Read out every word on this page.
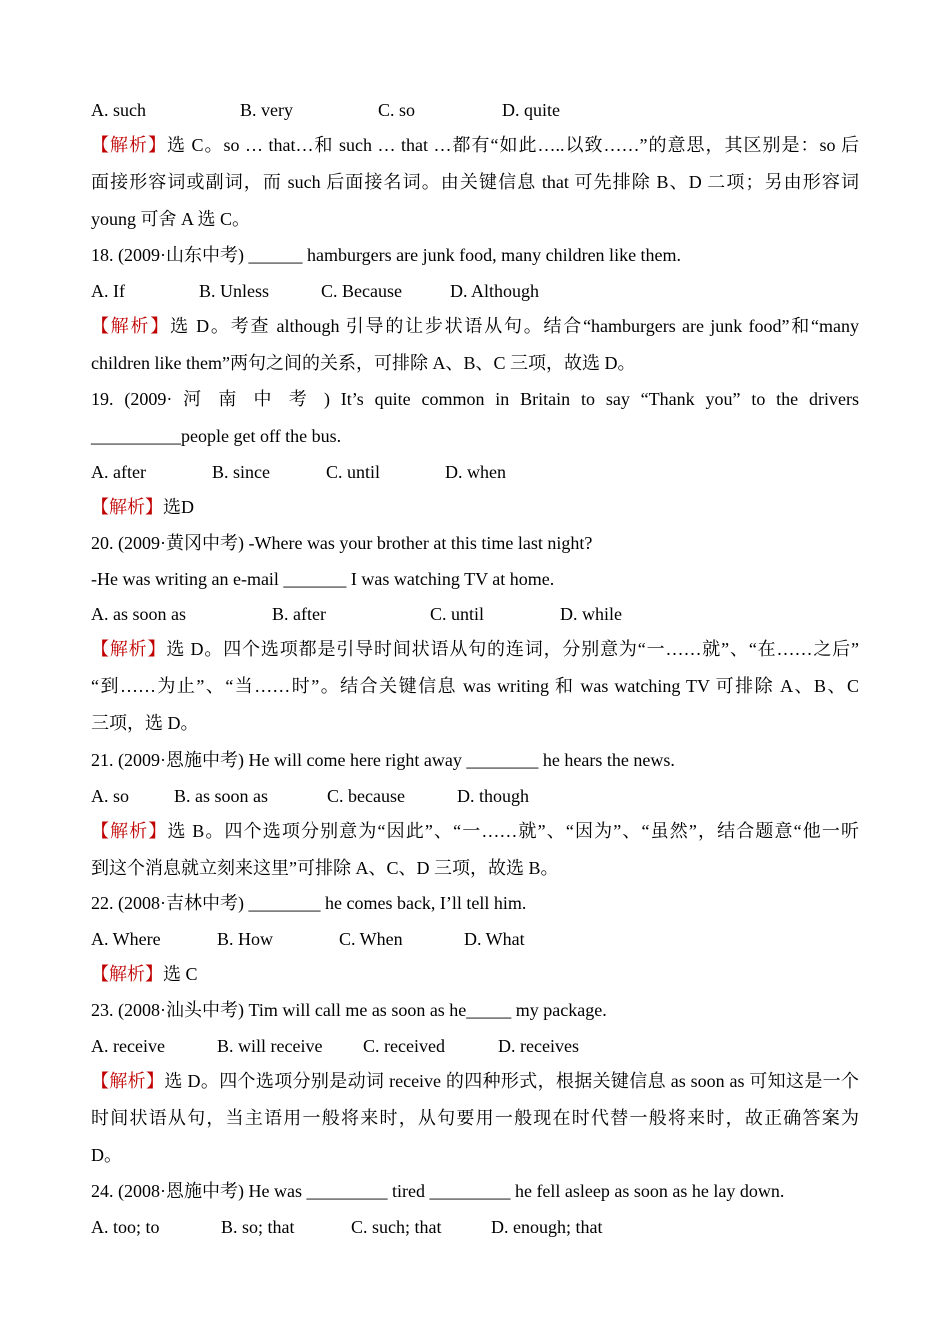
A. such	B. very	C. so	D. quite
【解析】选 C。so … that…和 such … that …都有“如此…..以致……”的意思，其区别是：so 后
面接形容词或副词，而 such 后面接名词。由关键信息 that 可先排除 B、D 二项；另由形容词
young 可舍 A 选 C。
18. (2009·山东中考) ______ hamburgers are junk food, many children like them.
A. If	B. Unless	C. Because	D. Although
【解析】选 D。考查 although 引导的让步状语从句。结合“hamburgers are junk food”和“many
children like them”两句之间的关系，可排除 A、B、C 三项，故选 D。
19. (2009· 河 南 中 考 ) It’s quite common in Britain to say “Thank you” to the drivers
__________people get off the bus.
A. after	B. since	C. until	D. when
【解析】选D
20. (2009·黄冈中考) -Where was your brother at this time last night?
-He was writing an e-mail _______ I was watching TV at home.
A. as soon as	B. after	C. until	D. while
【解析】选 D。四个选项都是引导时间状语从句的连词，分别意为“一……就”、“在……之后”
“到……为止”、“当……时”。结合关键信息 was writing 和 was watching TV 可排除 A、B、C
三项，选 D。
21. (2009·恩施中考) He will come here right away ________ he hears the news.
A. so B. as soon as	C. because	D. though
【解析】选 B。四个选项分别意为“因此”、“一……就”、“因为”、“虽然”，结合题意“他一听
到这个消息就立刻来这里”可排除 A、C、D 三项，故选 B。
22. (2008·吉林中考) ________ he comes back, I’ll tell him.
A. Where	B. How	C. When	D. What
【解析】选 C
23. (2008·汕头中考) Tim will call me as soon as he_____ my package.
A. receive	B. will receive C. received	D. receives
【解析】选 D。四个选项分别是动词 receive 的四种形式，根据关键信息 as soon as 可知这是一个
时间状语从句，当主语用一般将来时，从句要用一般现在时代替一般将来时，故正确答案为
D。
24. (2008·恩施中考) He was _________ tired _________ he fell asleep as soon as he lay down.
A. too; to	B. so; that	C. such; that	D. enough; that
